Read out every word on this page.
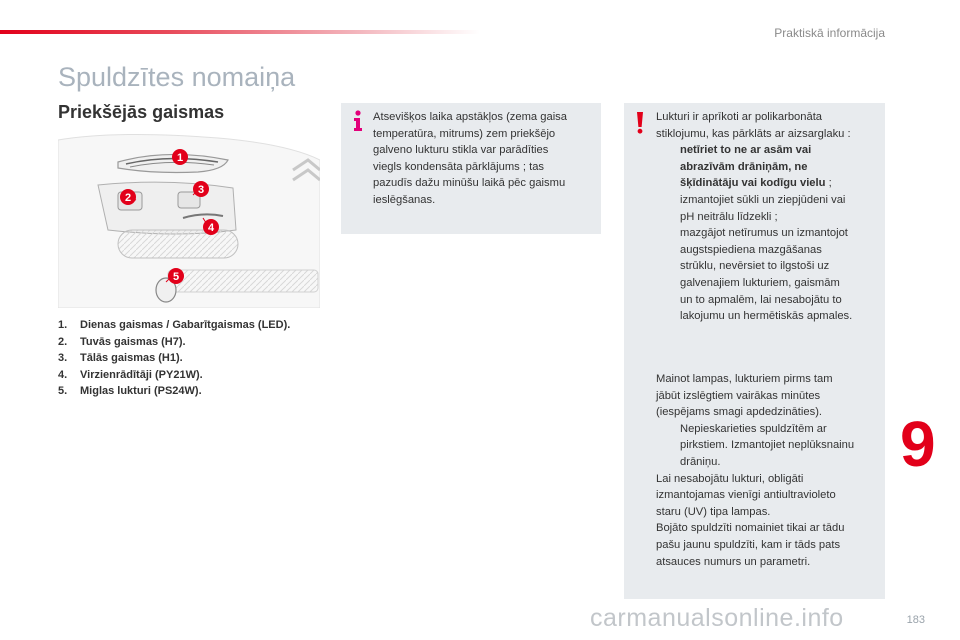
Praktiskā informācija
Spuldzītes nomaiņa
Priekšējās gaismas
1
2
3
4
5
1. Dienas gaismas / Gabarītgaismas (LED).
2. Tuvās gaismas (H7).
3. Tālās gaismas (H1).
4. Virzienrādītāji (PY21W).
5. Miglas lukturi (PS24W).
Atsevišķos laika apstākļos (zema gaisa
temperatūra, mitrums) zem priekšējo
galveno lukturu stikla var parādīties
viegls kondensāta pārklājums ; tas
pazudīs dažu minūšu laikā pēc gaismu
ieslēgšanas.

Lukturi ir aprīkoti ar polikarbonāta

stiklojumu, kas pārklāts ar aizsarglaku :

netīriet to ne ar asām vai
abrazīvām drāniņām, ne
šķīdinātāju vai kodīgu vielu ;
izmantojiet sūkli un ziepjūdeni vai
pH neitrālu līdzekli ;
mazgājot netīrumus un izmantojot
augstspiediena mazgāšanas
strūklu, nevērsiet to ilgstoši uz
galvenajiem lukturiem, gaismām
un to apmalēm, lai nesabojātu to
lakojumu un hermētiskās apmales.

Mainot lampas, lukturiem pirms tam

jābūt izslēgtiem vairākas minūtes

(iespējams smagi apdedzināties).

Nepieskarieties spuldzītēm ar
pirkstiem. Izmantojiet neplūksnainu
drāniņu.

Lai nesabojātu lukturi, obligāti

izmantojamas vienīgi antiultravioleto

staru (UV) tipa lampas.

Bojāto spuldzīti nomainiet tikai ar tādu

pašu jaunu spuldzīti, kam ir tāds pats

atsauces numurs un parametri.

9
carmanualsonline.info	183
